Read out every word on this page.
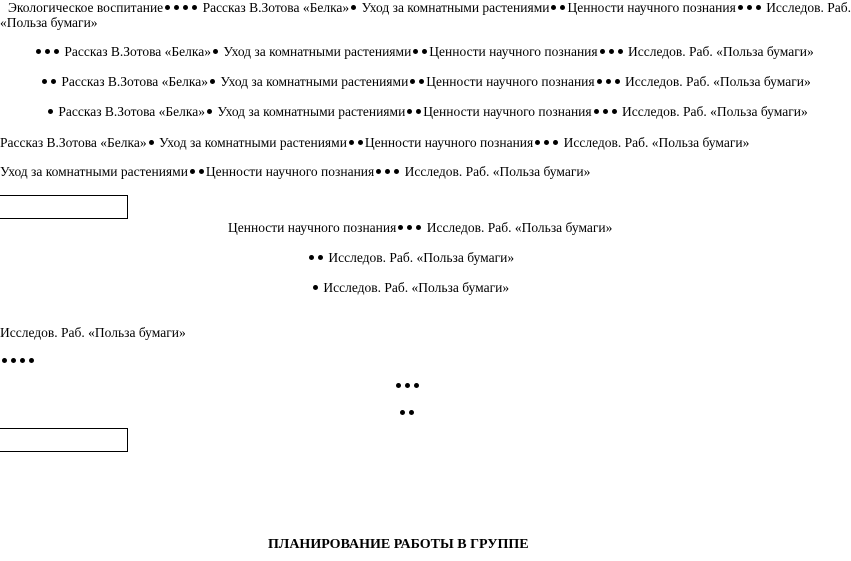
Экологическое воспитание	Рассказ В.Зотова «Белка» Уход за комнатными растениями Ценности научного познания Исследов. Раб.
«Польза бумаги»
Рассказ В.Зотова «Белка» Уход за комнатными растениями Ценности научного познания Исследов. Раб. «Польза бумаги»
Рассказ В.Зотова «Белка» Уход за комнатными растениями Ценности научного познания Исследов. Раб. «Польза бумаги»
Рассказ В.Зотова «Белка» Уход за комнатными растениями Ценности научного познания Исследов. Раб. «Польза бумаги»
Рассказ В.Зотова «Белка» Уход за комнатными растениями Ценности научного познания Исследов. Раб. «Польза бумаги»
Уход за комнатными растениями Ценности научного познания Исследов. Раб. «Польза бумаги»
Ценности научного познания Исследов. Раб. «Польза бумаги»
Исследов. Раб. «Польза бумаги»
Исследов. Раб. «Польза бумаги»
Исследов. Раб. «Польза бумаги»
ПЛАНИРОВАНИЕ РАБОТЫ В ГРУППЕ
